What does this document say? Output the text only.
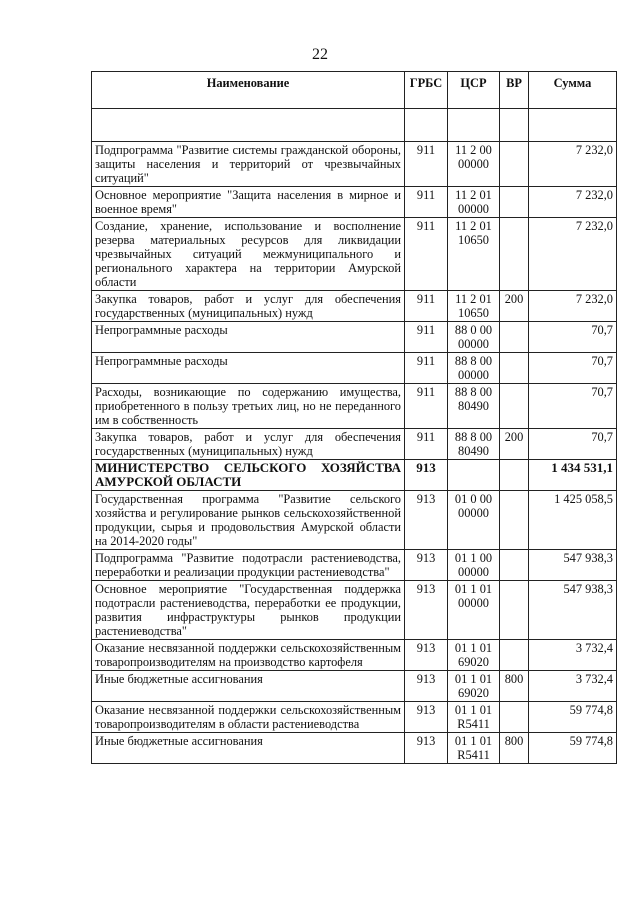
22
Наименование	ГРБС	ЦСР	ВР	Сумма

Подпрограмма "Развитие системы гражданской обороны, защиты населения и территорий от чрезвычайных ситуаций"	911	11 2 00 00000		7 232,0
Основное мероприятие "Защита населения в мирное и военное время"	911	11 2 01 00000		7 232,0
Создание, хранение, использование и восполнение резерва материальных ресурсов для ликвидации чрезвычайных ситуаций межмуниципального и регионального характера на территории Амурской области	911	11 2 01 10650		7 232,0
Закупка товаров, работ и услуг для обеспечения государственных (муниципальных) нужд	911	11 2 01 10650	200	7 232,0
Непрограммные расходы	911	88 0 00 00000		70,7
Непрограммные расходы	911	88 8 00 00000		70,7
Расходы, возникающие по содержанию имущества, приобретенного в пользу третьих лиц, но не переданного им в собственность	911	88 8 00 80490		70,7
Закупка товаров, работ и услуг для обеспечения государственных (муниципальных) нужд	911	88 8 00 80490	200	70,7
МИНИСТЕРСТВО СЕЛЬСКОГО ХОЗЯЙСТВА АМУРСКОЙ ОБЛАСТИ	913			1 434 531,1
Государственная программа "Развитие сельского хозяйства и регулирование рынков сельскохозяйственной продукции, сырья и продовольствия Амурской области на 2014-2020 годы"	913	01 0 00 00000		1 425 058,5
Подпрограмма "Развитие подотрасли растениеводства, переработки и реализации продукции растениеводства"	913	01 1 00 00000		547 938,3
Основное мероприятие "Государственная поддержка подотрасли растениеводства, переработки ее продукции, развития инфраструктуры рынков продукции растениеводства"	913	01 1 01 00000		547 938,3
Оказание несвязанной поддержки сельскохозяйственным товаропроизводителям на производство картофеля	913	01 1 01 69020		3 732,4
Иные бюджетные ассигнования	913	01 1 01 69020	800	3 732,4
Оказание несвязанной поддержки сельскохозяйственным товаропроизводителям в области растениеводства	913	01 1 01 R5411		59 774,8
Иные бюджетные ассигнования	913	01 1 01 R5411	800	59 774,8
